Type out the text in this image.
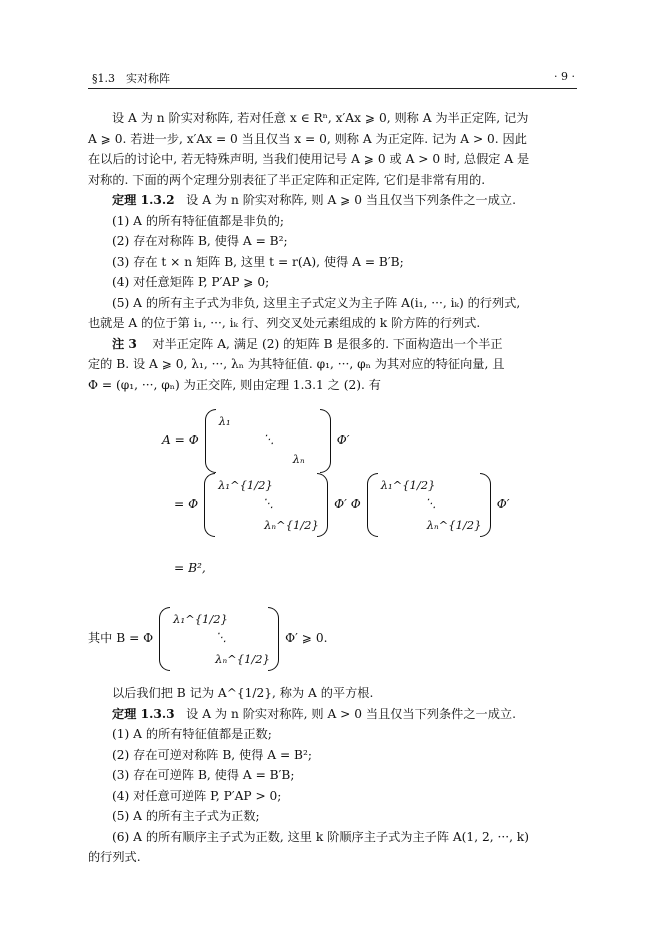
§1.3　实对称阵	· 9 ·

设 A 为 n 阶实对称阵, 若对任意 x ∈ Rⁿ, x′Ax ⩾ 0, 则称 A 为半正定阵, 记为

A ⩾ 0. 若进一步, x′Ax = 0 当且仅当 x = 0, 则称 A 为正定阵. 记为 A > 0. 因此

在以后的讨论中, 若无特殊声明, 当我们使用记号 A ⩾ 0 或 A > 0 时, 总假定 A 是

对称的. 下面的两个定理分别表征了半正定阵和正定阵, 它们是非常有用的.

定理 1.3.2 设 A 为 n 阶实对称阵, 则 A ⩾ 0 当且仅当下列条件之一成立.

(1) A 的所有特征值都是非负的;

(2) 存在对称阵 B, 使得 A = B²;

(3) 存在 t × n 矩阵 B, 这里 t = r(A), 使得 A = B′B;

(4) 对任意矩阵 P, P′AP ⩾ 0;

(5) A 的所有主子式为非负, 这里主子式定义为主子阵 A(i₁, ···, iₖ) 的行列式,

也就是 A 的位于第 i₁, ···, iₖ 行、列交叉处元素组成的 k 阶方阵的行列式.

注 3 对半正定阵 A, 满足 (2) 的矩阵 B 是很多的. 下面构造出一个半正

定的 B. 设 A ⩾ 0, λ₁, ···, λₙ 为其特征值. φ₁, ···, φₙ 为其对应的特征向量, 且

Φ = (φ₁, ···, φₙ) 为正交阵, 则由定理 1.3.1 之 (2). 有

A = Φ
λ₁
⋱
λₙ
Φ′
= Φ
λ₁^{1/2}
⋱
λₙ^{1/2}
Φ′ Φ
λ₁^{1/2}
⋱
λₙ^{1/2}
Φ′
= B²,
其中 B = Φ
λ₁^{1/2}
⋱
λₙ^{1/2}
Φ′ ⩾ 0.

以后我们把 B 记为 A^{1/2}, 称为 A 的平方根.

定理 1.3.3 设 A 为 n 阶实对称阵, 则 A > 0 当且仅当下列条件之一成立.

(1) A 的所有特征值都是正数;

(2) 存在可逆对称阵 B, 使得 A = B²;

(3) 存在可逆阵 B, 使得 A = B′B;

(4) 对任意可逆阵 P, P′AP > 0;

(5) A 的所有主子式为正数;

(6) A 的所有顺序主子式为正数, 这里 k 阶顺序主子式为主子阵 A(1, 2, ···, k)

的行列式.
